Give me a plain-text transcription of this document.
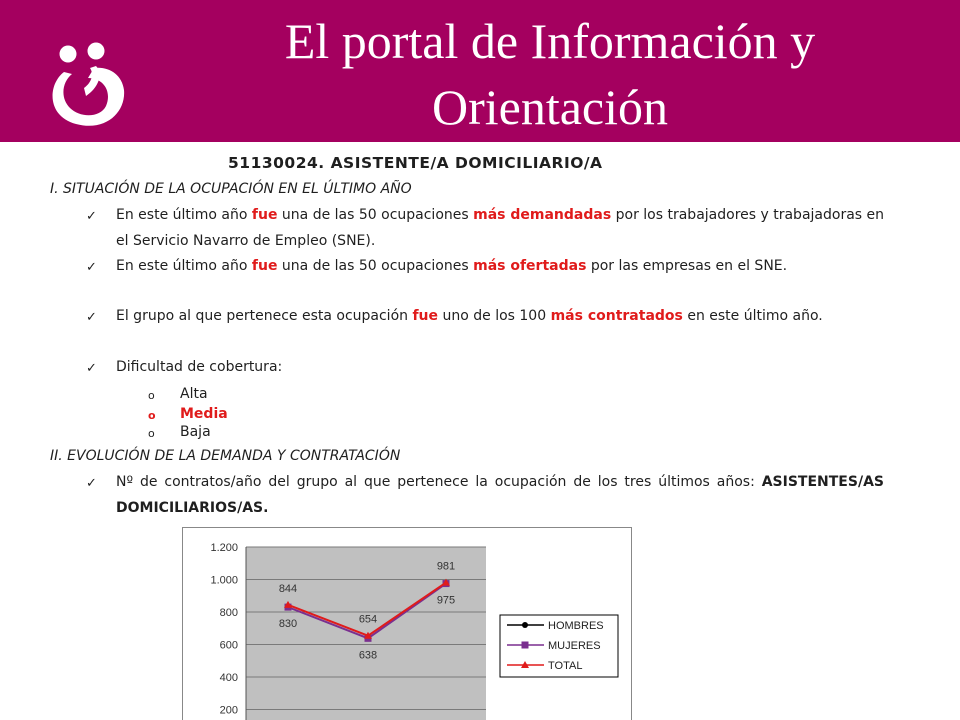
El portal de Información y
Orientación
51130024. ASISTENTE/A DOMICILIARIO/A
I. SITUACIÓN DE LA OCUPACIÓN EN EL ÚLTIMO AÑO
✓ En este último año fue una de las 50 ocupaciones más demandadas por los trabajadores y trabajadoras en el Servicio Navarro de Empleo (SNE).
✓ En este último año fue una de las 50 ocupaciones más ofertadas por las empresas en el SNE.
✓ El grupo al que pertenece esta ocupación fue uno de los 100 más contratados en este último año.
✓ Dificultad de cobertura:
o Alta
o Media
o Baja
II. EVOLUCIÓN DE LA DEMANDA Y CONTRATACIÓN
✓ Nº de contratos/año del grupo al que pertenece la ocupación de los tres últimos años: ASISTENTES/AS DOMICILIARIOS/AS.
1.200
1.000
800
600
400
200
844
654
981
830
638
975
HOMBRES
MUJERES
TOTAL
